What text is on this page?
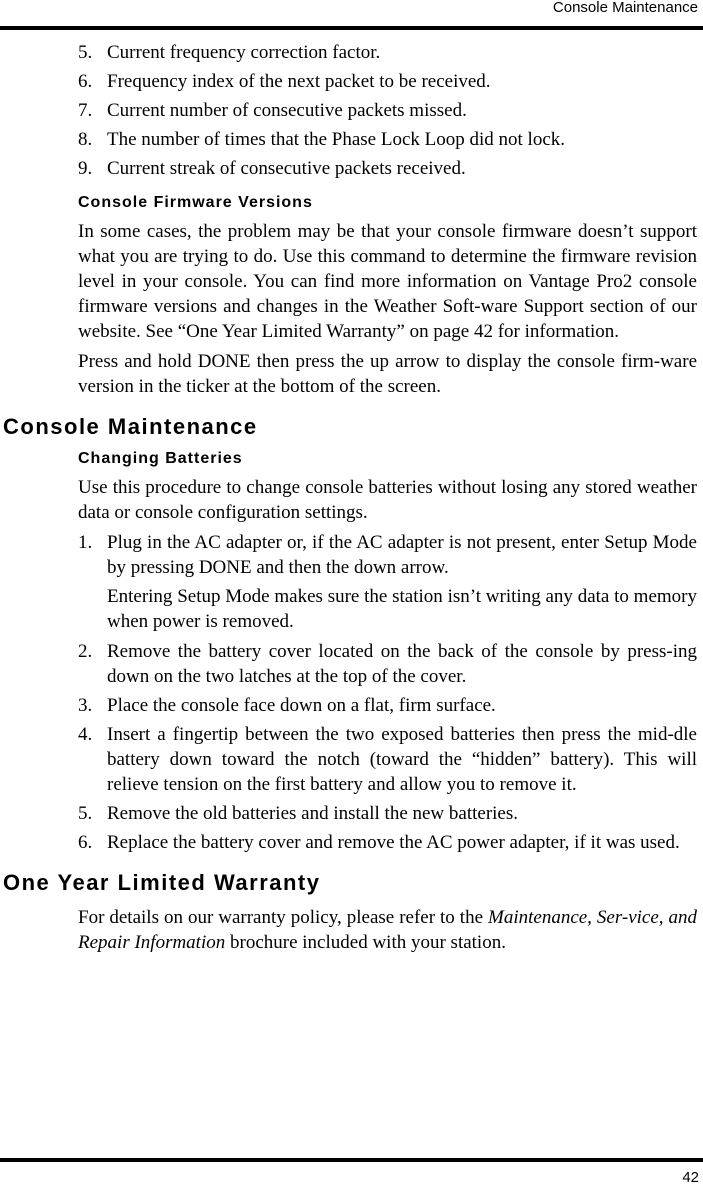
Console Maintenance
5. Current frequency correction factor.
6. Frequency index of the next packet to be received.
7. Current number of consecutive packets missed.
8. The number of times that the Phase Lock Loop did not lock.
9. Current streak of consecutive packets received.
Console Firmware Versions
In some cases, the problem may be that your console firmware doesn’t support what you are trying to do. Use this command to determine the firmware revision level in your console. You can find more information on Vantage Pro2 console firmware versions and changes in the Weather Soft-ware Support section of our website. See “One Year Limited Warranty” on page 42 for information.
Press and hold DONE then press the up arrow to display the console firm-ware version in the ticker at the bottom of the screen.
Console Maintenance
Changing Batteries
Use this procedure to change console batteries without losing any stored weather data or console configuration settings.
1. Plug in the AC adapter or, if the AC adapter is not present, enter Setup Mode by pressing DONE and then the down arrow.
Entering Setup Mode makes sure the station isn’t writing any data to memory when power is removed.
2. Remove the battery cover located on the back of the console by press-ing down on the two latches at the top of the cover.
3. Place the console face down on a flat, firm surface.
4. Insert a fingertip between the two exposed batteries then press the mid-dle battery down toward the notch (toward the “hidden” battery). This will relieve tension on the first battery and allow you to remove it.
5. Remove the old batteries and install the new batteries.
6. Replace the battery cover and remove the AC power adapter, if it was used.
One Year Limited Warranty
For details on our warranty policy, please refer to the Maintenance, Ser-vice, and Repair Information brochure included with your station.
42
